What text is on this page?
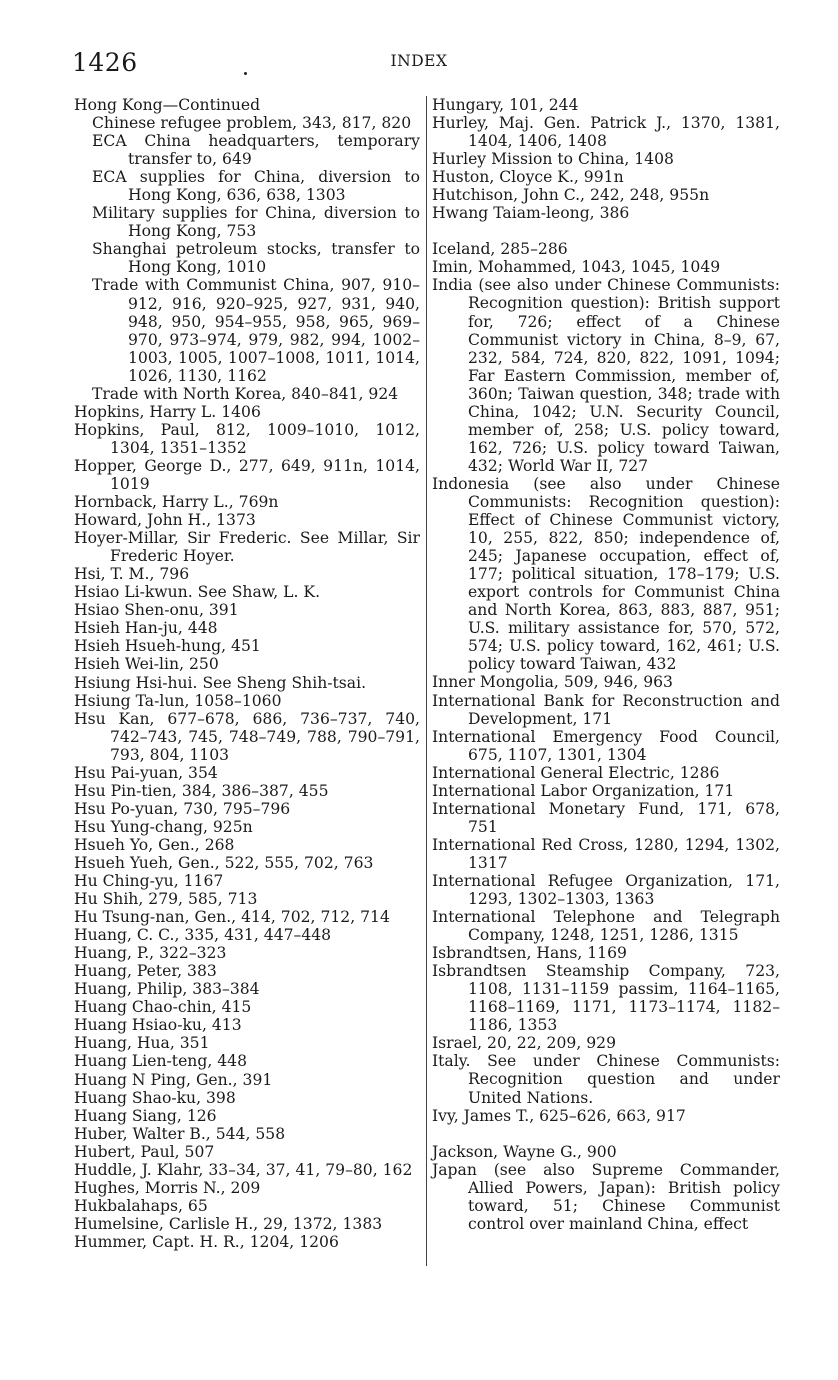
1426	INDEX
Hong Kong—Continued
Chinese refugee problem, 343, 817, 820
ECA China headquarters, temporary transfer to, 649
ECA supplies for China, diversion to Hong Kong, 636, 638, 1303
Military supplies for China, diversion to Hong Kong, 753
Shanghai petroleum stocks, transfer to Hong Kong, 1010
Trade with Communist China, 907, 910–912, 916, 920–925, 927, 931, 940, 948, 950, 954–955, 958, 965, 969–970, 973–974, 979, 982, 994, 1002–1003, 1005, 1007–1008, 1011, 1014, 1026, 1130, 1162
Trade with North Korea, 840–841, 924
Hopkins, Harry L. 1406
Hopkins, Paul, 812, 1009–1010, 1012, 1304, 1351–1352
Hopper, George D., 277, 649, 911n, 1014, 1019
Hornback, Harry L., 769n
Howard, John H., 1373
Hoyer-Millar, Sir Frederic. See Millar, Sir Frederic Hoyer.
Hsi, T. M., 796
Hsiao Li-kwun. See Shaw, L. K.
Hsiao Shen-onu, 391
Hsieh Han-ju, 448
Hsieh Hsueh-hung, 451
Hsieh Wei-lin, 250
Hsiung Hsi-hui. See Sheng Shih-tsai.
Hsiung Ta-lun, 1058–1060
Hsu Kan, 677–678, 686, 736–737, 740, 742–743, 745, 748–749, 788, 790–791, 793, 804, 1103
Hsu Pai-yuan, 354
Hsu Pin-tien, 384, 386–387, 455
Hsu Po-yuan, 730, 795–796
Hsu Yung-chang, 925n
Hsueh Yo, Gen., 268
Hsueh Yueh, Gen., 522, 555, 702, 763
Hu Ching-yu, 1167
Hu Shih, 279, 585, 713
Hu Tsung-nan, Gen., 414, 702, 712, 714
Huang, C. C., 335, 431, 447–448
Huang, P., 322–323
Huang, Peter, 383
Huang, Philip, 383–384
Huang Chao-chin, 415
Huang Hsiao-ku, 413
Huang, Hua, 351
Huang Lien-teng, 448
Huang N Ping, Gen., 391
Huang Shao-ku, 398
Huang Siang, 126
Huber, Walter B., 544, 558
Hubert, Paul, 507
Huddle, J. Klahr, 33–34, 37, 41, 79–80, 162
Hughes, Morris N., 209
Hukbalahaps, 65
Humelsine, Carlisle H., 29, 1372, 1383
Hummer, Capt. H. R., 1204, 1206
Hungary, 101, 244
Hurley, Maj. Gen. Patrick J., 1370, 1381, 1404, 1406, 1408
Hurley Mission to China, 1408
Huston, Cloyce K., 991n
Hutchison, John C., 242, 248, 955n
Hwang Taiam-leong, 386
Iceland, 285–286
Imin, Mohammed, 1043, 1045, 1049
India (see also under Chinese Communists: Recognition question): British support for, 726; effect of a Chinese Communist victory in China, 8–9, 67, 232, 584, 724, 820, 822, 1091, 1094; Far Eastern Commission, member of, 360n; Taiwan question, 348; trade with China, 1042; U.N. Security Council, member of, 258; U.S. policy toward, 162, 726; U.S. policy toward Taiwan, 432; World War II, 727
Indonesia (see also under Chinese Communists: Recognition question): Effect of Chinese Communist victory, 10, 255, 822, 850; independence of, 245; Japanese occupation, effect of, 177; political situation, 178–179; U.S. export controls for Communist China and North Korea, 863, 883, 887, 951; U.S. military assistance for, 570, 572, 574; U.S. policy toward, 162, 461; U.S. policy toward Taiwan, 432
Inner Mongolia, 509, 946, 963
International Bank for Reconstruction and Development, 171
International Emergency Food Council, 675, 1107, 1301, 1304
International General Electric, 1286
International Labor Organization, 171
International Monetary Fund, 171, 678, 751
International Red Cross, 1280, 1294, 1302, 1317
International Refugee Organization, 171, 1293, 1302–1303, 1363
International Telephone and Telegraph Company, 1248, 1251, 1286, 1315
Isbrandtsen, Hans, 1169
Isbrandtsen Steamship Company, 723, 1108, 1131–1159 passim, 1164–1165, 1168–1169, 1171, 1173–1174, 1182–1186, 1353
Israel, 20, 22, 209, 929
Italy. See under Chinese Communists: Recognition question and under United Nations.
Ivy, James T., 625–626, 663, 917
Jackson, Wayne G., 900
Japan (see also Supreme Commander, Allied Powers, Japan): British policy toward, 51; Chinese Communist control over mainland China, effect
